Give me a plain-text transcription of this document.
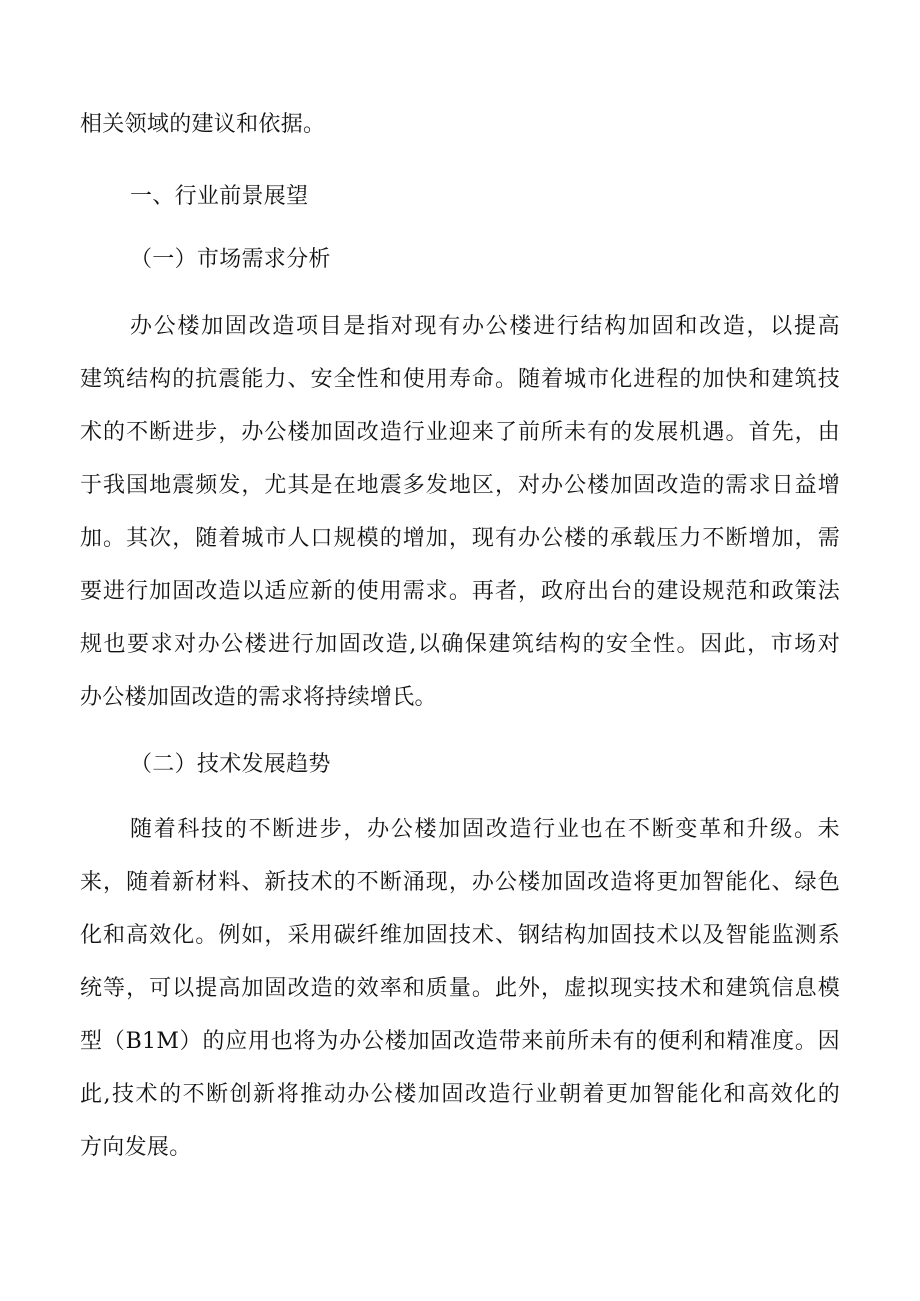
相关领域的建议和依据。

一、行业前景展望
（一）市场需求分析

办公楼加固改造项目是指对现有办公楼进行结构加固和改造，以提高

建筑结构的抗震能力、安全性和使用寿命。随着城市化进程的加快和建筑技

术的不断进步，办公楼加固改造行业迎来了前所未有的发展机遇。首先，由

于我国地震频发，尤其是在地震多发地区，对办公楼加固改造的需求日益增

加。其次，随着城市人口规模的增加，现有办公楼的承载压力不断增加，需

要进行加固改造以适应新的使用需求。再者，政府出台的建设规范和政策法

规也要求对办公楼进行加固改造,以确保建筑结构的安全性。因此，市场对

办公楼加固改造的需求将持续增氏。

（二）技术发展趋势

随着科技的不断进步，办公楼加固改造行业也在不断变革和升级。未

来，随着新材料、新技术的不断涌现，办公楼加固改造将更加智能化、绿色

化和高效化。例如，采用碳纤维加固技术、钢结构加固技术以及智能监测系

统等，可以提高加固改造的效率和质量。此外，虚拟现实技术和建筑信息模

型（B1M）的应用也将为办公楼加固改造带来前所未有的便利和精准度。因

此,技术的不断创新将推动办公楼加固改造行业朝着更加智能化和高效化的

方向发展。
